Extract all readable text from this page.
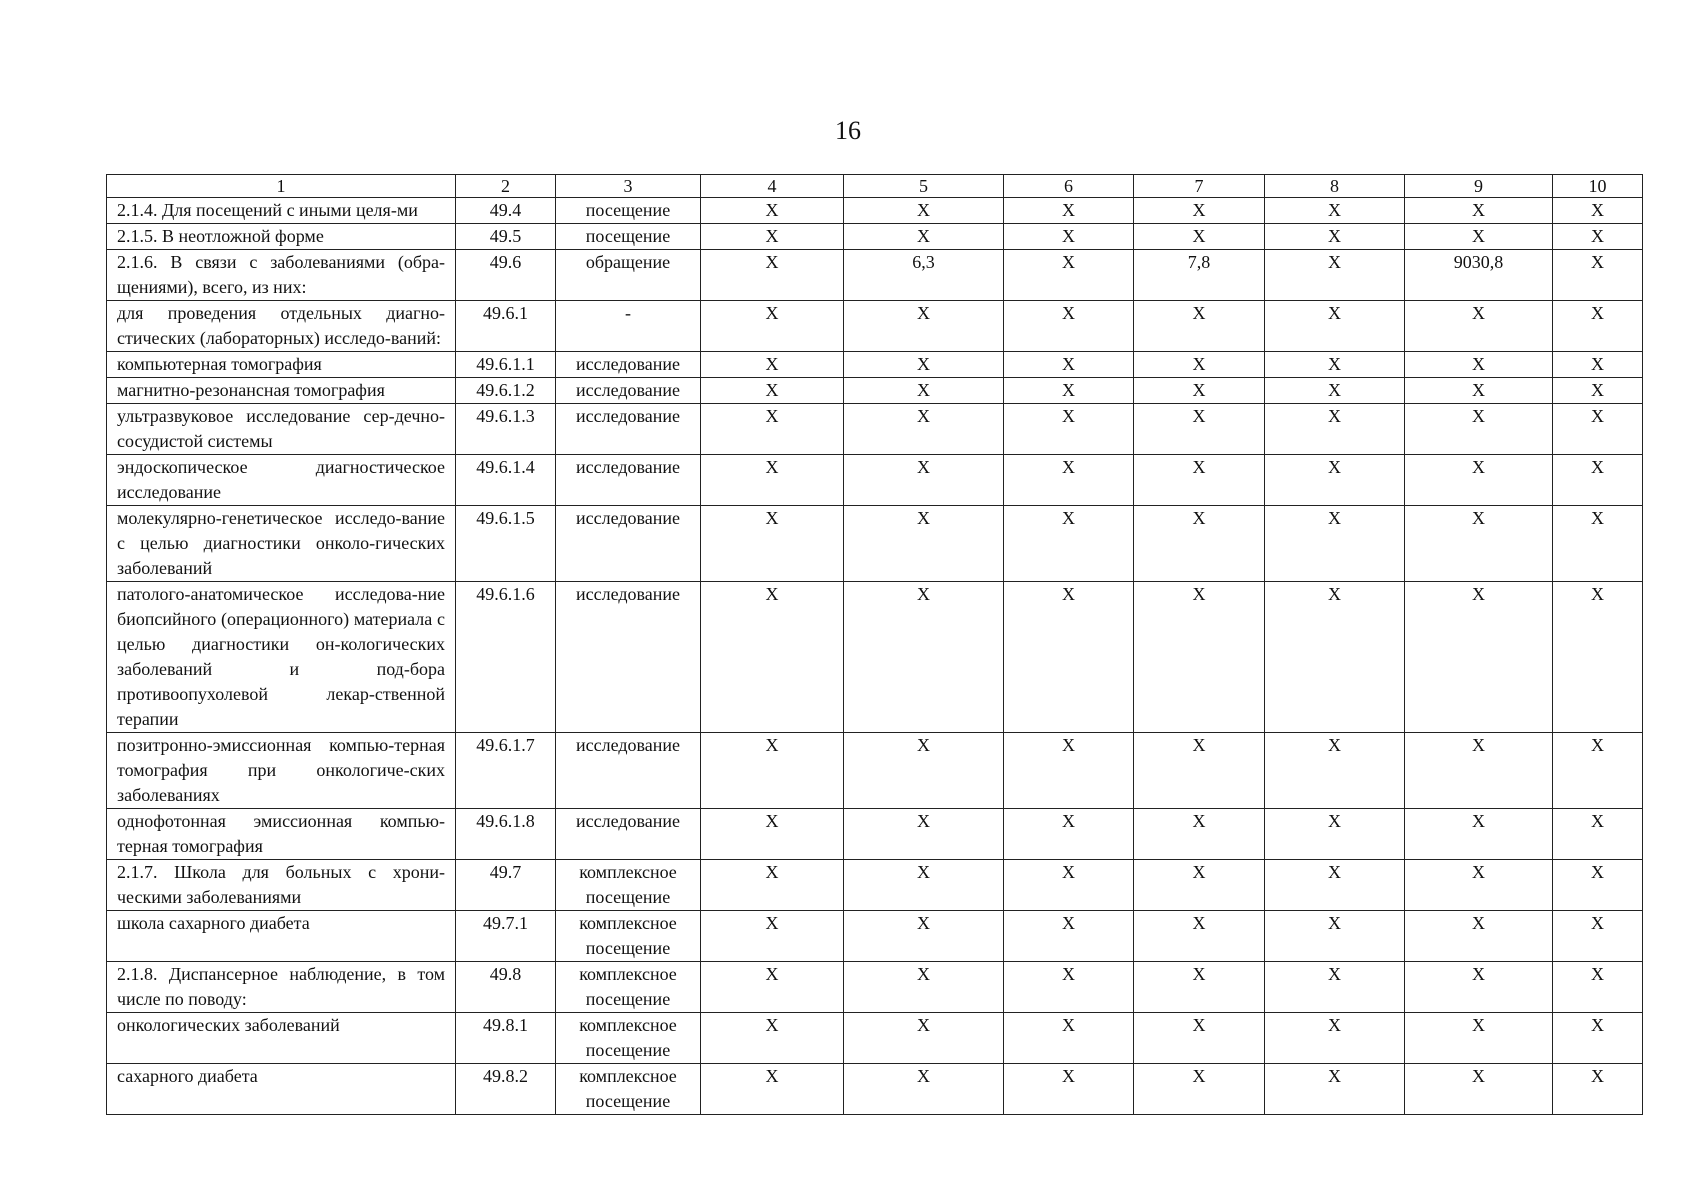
16
1	2	3	4	5	6	7	8	9	10
2.1.4. Для посещений с иными целя-ми	49.4	посещение	Х	Х	Х	Х	Х	Х	Х
2.1.5. В неотложной форме	49.5	посещение	Х	Х	Х	Х	Х	Х	Х
2.1.6. В связи с заболеваниями (обра-щениями), всего, из них:	49.6	обращение	Х	6,3	Х	7,8	Х	9030,8	Х
для проведения отдельных диагно-стических (лабораторных) исследо-ваний:	49.6.1	-	Х	Х	Х	Х	Х	Х	Х
компьютерная томография	49.6.1.1	исследование	Х	Х	Х	Х	Х	Х	Х
магнитно-резонансная томография	49.6.1.2	исследование	Х	Х	Х	Х	Х	Х	Х
ультразвуковое исследование сер-дечно-сосудистой системы	49.6.1.3	исследование	Х	Х	Х	Х	Х	Х	Х
эндоскопическое диагностическое исследование	49.6.1.4	исследование	Х	Х	Х	Х	Х	Х	Х
молекулярно-генетическое исследо-вание с целью диагностики онколо-гических заболеваний	49.6.1.5	исследование	Х	Х	Х	Х	Х	Х	Х
патолого-анатомическое исследова-ние биопсийного (операционного) материала с целью диагностики он-кологических заболеваний и под-бора противоопухолевой лекар-ственной терапии	49.6.1.6	исследование	Х	Х	Х	Х	Х	Х	Х
позитронно-эмиссионная компью-терная томография при онкологиче-ских заболеваниях	49.6.1.7	исследование	Х	Х	Х	Х	Х	Х	Х
однофотонная эмиссионная компью-терная томография	49.6.1.8	исследование	Х	Х	Х	Х	Х	Х	Х
2.1.7. Школа для больных с хрони-ческими заболеваниями	49.7	комплексное посещение	Х	Х	Х	Х	Х	Х	Х
школа сахарного диабета	49.7.1	комплексное посещение	Х	Х	Х	Х	Х	Х	Х
2.1.8. Диспансерное наблюдение, в том числе по поводу:	49.8	комплексное посещение	Х	Х	Х	Х	Х	Х	Х
онкологических заболеваний	49.8.1	комплексное посещение	Х	Х	Х	Х	Х	Х	Х
сахарного диабета	49.8.2	комплексное посещение	Х	Х	Х	Х	Х	Х	Х
